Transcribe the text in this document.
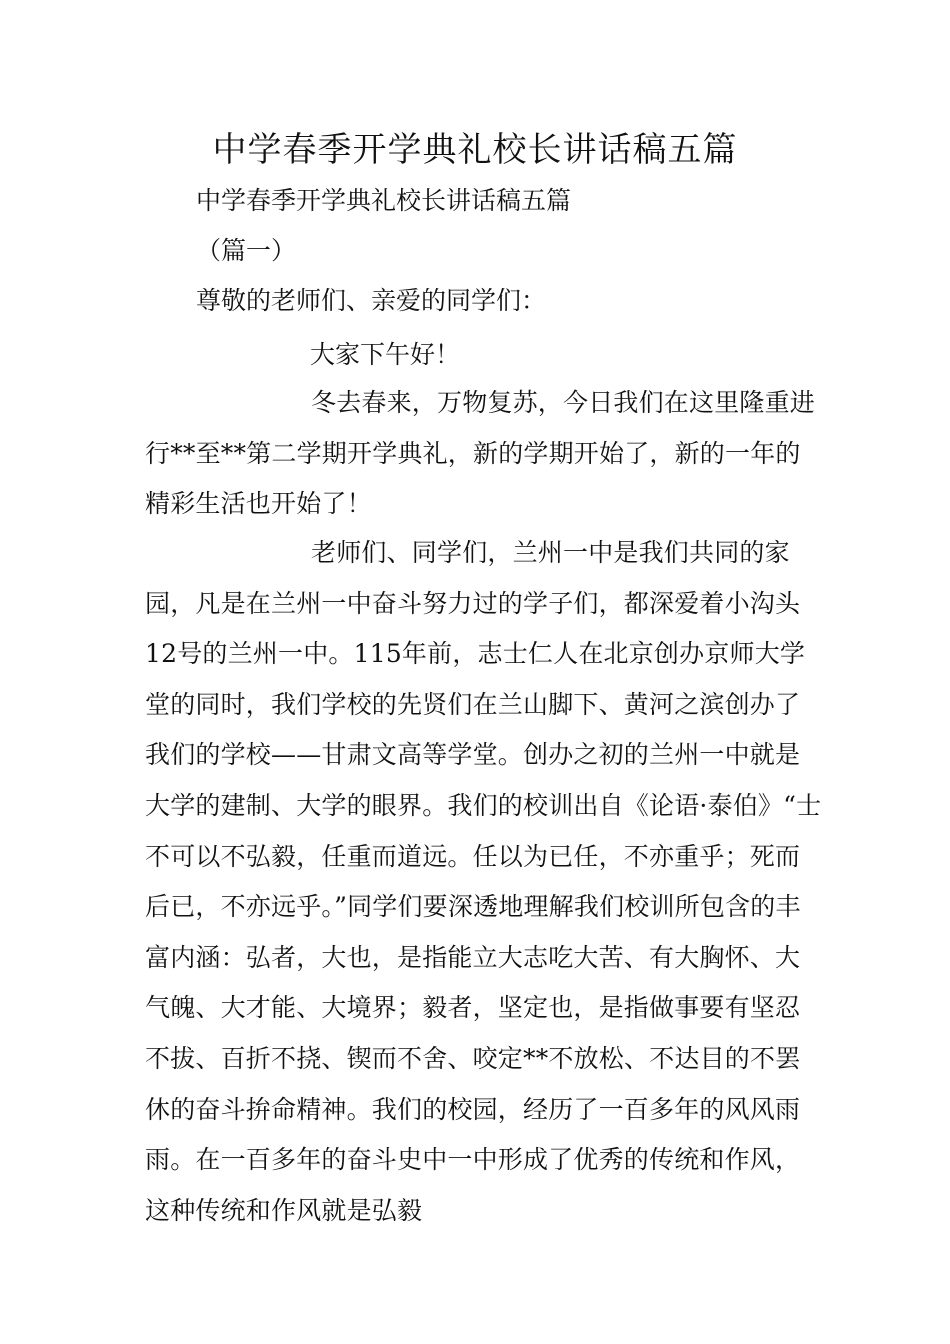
中学春季开学典礼校长讲话稿五篇

中学春季开学典礼校长讲话稿五篇

（篇一）

尊敬的老师们、亲爱的同学们：

大家下午好！

冬去春来，万物复苏，今日我们在这里隆重进行**至**第二学期开学典礼，新的学期开始了，新的一年的精彩生活也开始了！

老师们、同学们，兰州一中是我们共同的家园，凡是在兰州一中奋斗努力过的学子们，都深爱着小沟头12号的兰州一中。115年前，志士仁人在北京创办京师大学堂的同时，我们学校的先贤们在兰山脚下、黄河之滨创办了我们的学校——甘肃文高等学堂。创办之初的兰州一中就是大学的建制、大学的眼界。我们的校训出自《论语·泰伯》“士不可以不弘毅，任重而道远。任以为已任，不亦重乎；死而后已，不亦远乎。”同学们要深透地理解我们校训所包含的丰富内涵：弘者，大也，是指能立大志吃大苦、有大胸怀、大气魄、大才能、大境界；毅者，坚定也，是指做事要有坚忍不拔、百折不挠、锲而不舍、咬定**不放松、不达目的不罢休的奋斗拚命精神。我们的校园，经历了一百多年的风风雨雨。在一百多年的奋斗史中一中形成了优秀的传统和作风，这种传统和作风就是弘毅
